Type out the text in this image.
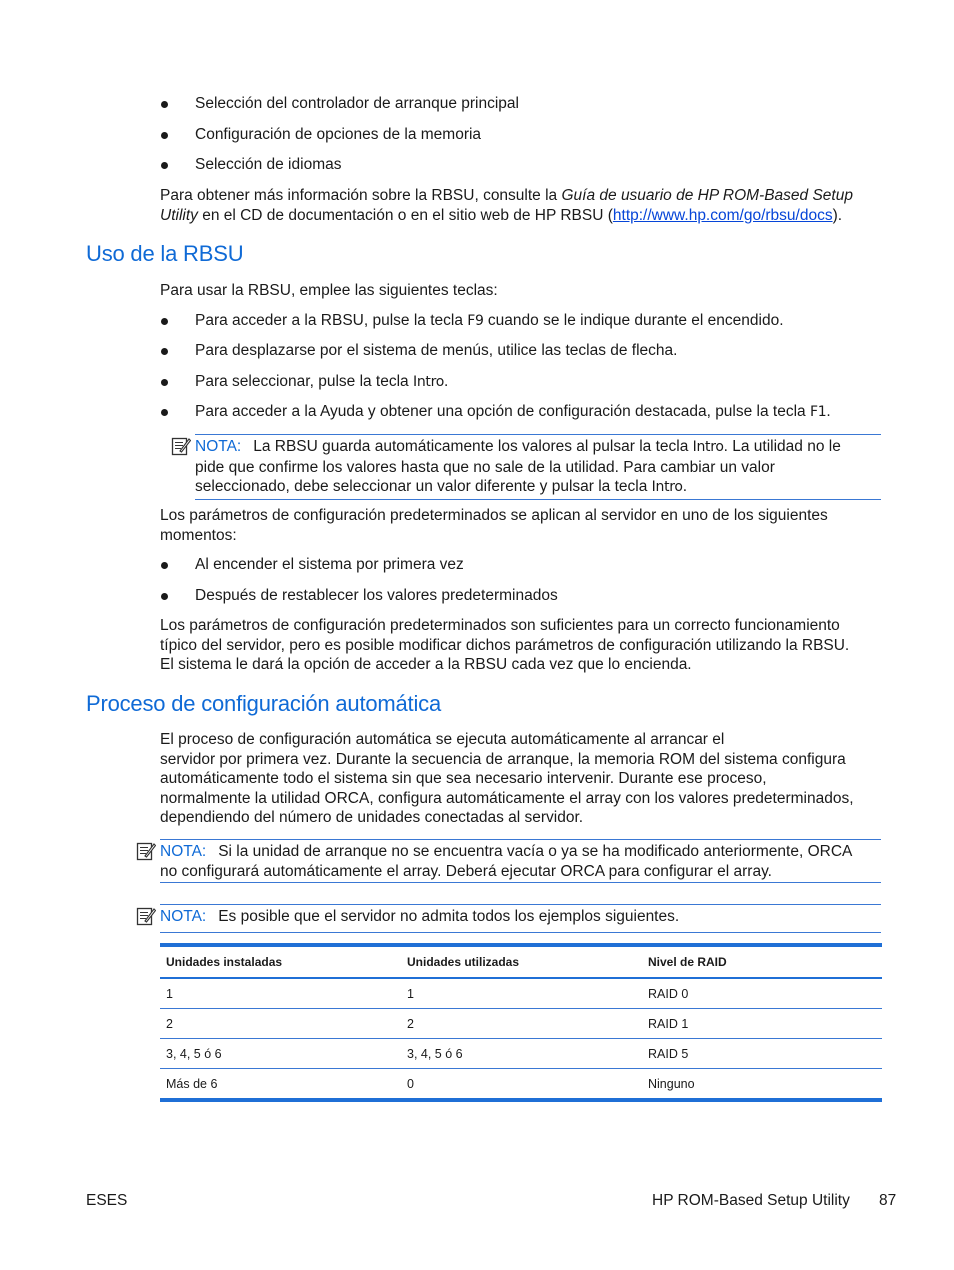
Selección del controlador de arranque principal
Configuración de opciones de la memoria
Selección de idiomas
Para obtener más información sobre la RBSU, consulte la Guía de usuario de HP ROM-Based Setup
Utility en el CD de documentación o en el sitio web de HP RBSU (http://www.hp.com/go/rbsu/docs).
Uso de la RBSU
Para usar la RBSU, emplee las siguientes teclas:
Para acceder a la RBSU, pulse la tecla F9 cuando se le indique durante el encendido.
Para desplazarse por el sistema de menús, utilice las teclas de flecha.
Para seleccionar, pulse la tecla Intro.
Para acceder a la Ayuda y obtener una opción de configuración destacada, pulse la tecla F1.
NOTA: La RBSU guarda automáticamente los valores al pulsar la tecla Intro. La utilidad no le
pide que confirme los valores hasta que no sale de la utilidad. Para cambiar un valor
seleccionado, debe seleccionar un valor diferente y pulsar la tecla Intro.
Los parámetros de configuración predeterminados se aplican al servidor en uno de los siguientes
momentos:
Al encender el sistema por primera vez
Después de restablecer los valores predeterminados
Los parámetros de configuración predeterminados son suficientes para un correcto funcionamiento
típico del servidor, pero es posible modificar dichos parámetros de configuración utilizando la RBSU.
El sistema le dará la opción de acceder a la RBSU cada vez que lo encienda.
Proceso de configuración automática
El proceso de configuración automática se ejecuta automáticamente al arrancar el
servidor por primera vez. Durante la secuencia de arranque, la memoria ROM del sistema configura
automáticamente todo el sistema sin que sea necesario intervenir. Durante ese proceso,
normalmente la utilidad ORCA, configura automáticamente el array con los valores predeterminados,
dependiendo del número de unidades conectadas al servidor.
NOTA: Si la unidad de arranque no se encuentra vacía o ya se ha modificado anteriormente, ORCA
no configurará automáticamente el array. Deberá ejecutar ORCA para configurar el array.
NOTA: Es posible que el servidor no admita todos los ejemplos siguientes.
Unidades instaladas	Unidades utilizadas	Nivel de RAID
1	1	RAID 0
2	2	RAID 1
3, 4, 5 ó 6	3, 4, 5 ó 6	RAID 5
Más de 6	0	Ninguno
ESES	HP ROM-Based Setup Utility 87
